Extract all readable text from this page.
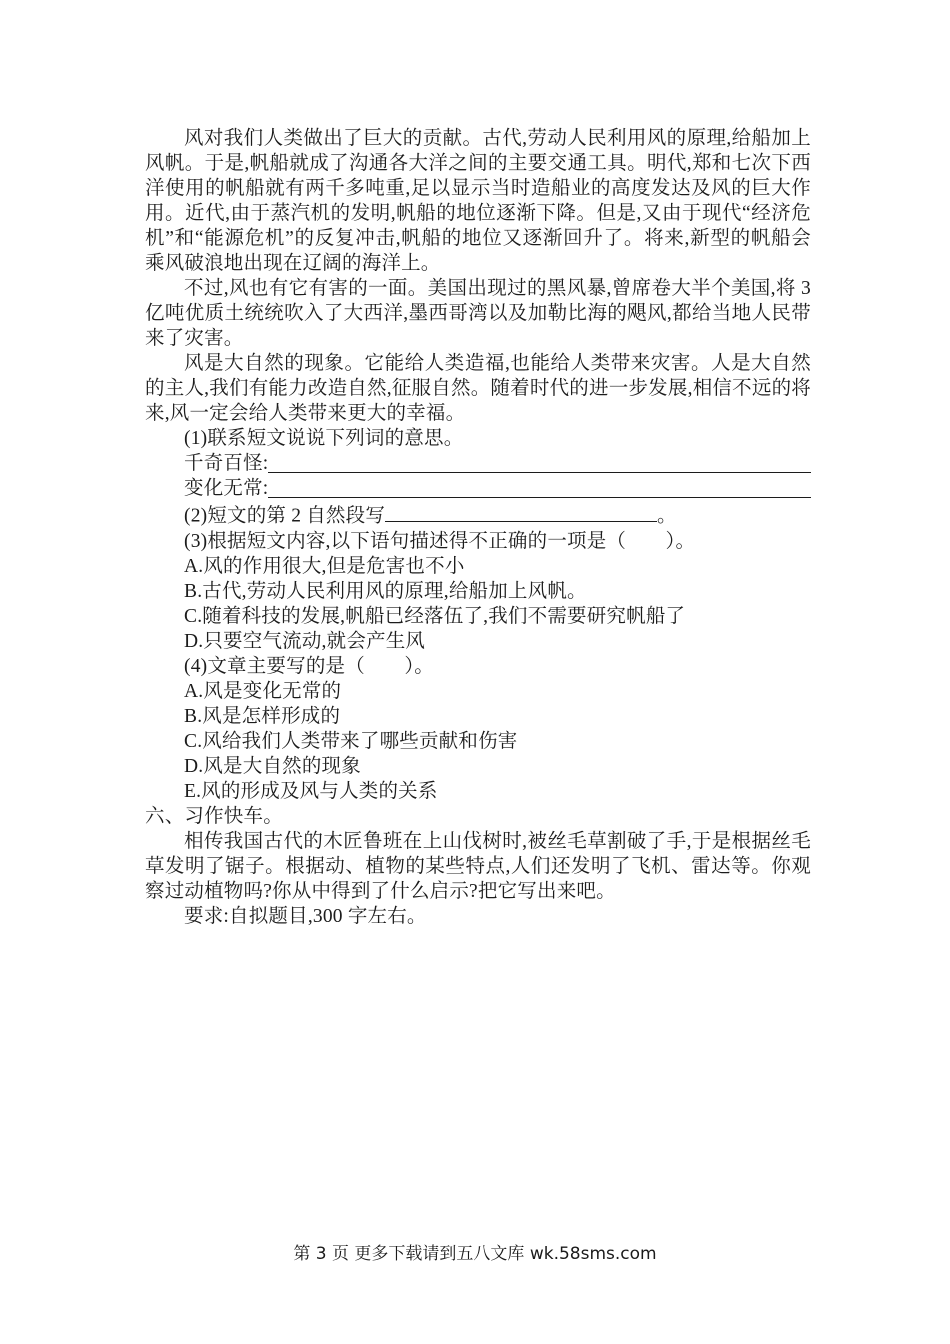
风对我们人类做出了巨大的贡献。古代,劳动人民利用风的原理,给船加上风帆。于是,帆船就成了沟通各大洋之间的主要交通工具。明代,郑和七次下西洋使用的帆船就有两千多吨重,足以显示当时造船业的高度发达及风的巨大作用。近代,由于蒸汽机的发明,帆船的地位逐渐下降。但是,又由于现代“经济危机”和“能源危机”的反复冲击,帆船的地位又逐渐回升了。将来,新型的帆船会乘风破浪地出现在辽阔的海洋上。

不过,风也有它有害的一面。美国出现过的黑风暴,曾席卷大半个美国,将 3 亿吨优质土统统吹入了大西洋,墨西哥湾以及加勒比海的飓风,都给当地人民带来了灾害。

风是大自然的现象。它能给人类造福,也能给人类带来灾害。人是大自然的主人,我们有能力改造自然,征服自然。随着时代的进一步发展,相信不远的将来,风一定会给人类带来更大的幸福。

(1)联系短文说说下列词的意思。
千奇百怪:
变化无常:
(2)短文的第 2 自然段写	。
(3)根据短文内容,以下语句描述得不正确的一项是（　　）。
A.风的作用很大,但是危害也不小
B.古代,劳动人民利用风的原理,给船加上风帆。
C.随着科技的发展,帆船已经落伍了,我们不需要研究帆船了
D.只要空气流动,就会产生风
(4)文章主要写的是（　　）。
A.风是变化无常的
B.风是怎样形成的
C.风给我们人类带来了哪些贡献和伤害
D.风是大自然的现象
E.风的形成及风与人类的关系
六、习作快车。

相传我国古代的木匠鲁班在上山伐树时,被丝毛草割破了手,于是根据丝毛草发明了锯子。根据动、植物的某些特点,人们还发明了飞机、雷达等。你观察过动植物吗?你从中得到了什么启示?把它写出来吧。

要求:自拟题目,300 字左右。
第 3 页 更多下载请到五八文库 wk.58sms.com
